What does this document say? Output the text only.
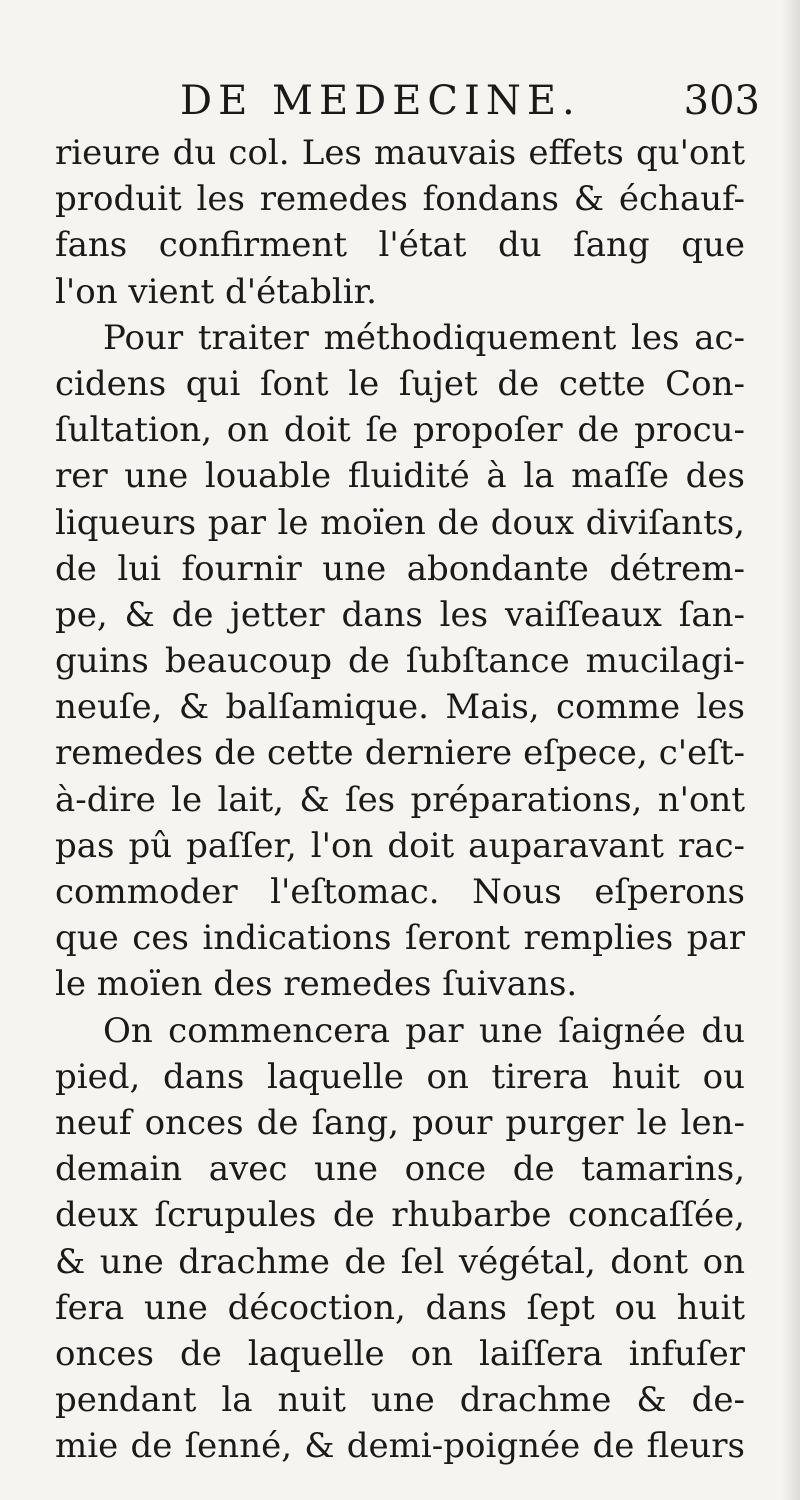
DE MEDECINE.	303
rieure du col. Les mauvais effets qu'ont
produit les remedes fondans & échauf-
fans confirment l'état du ſang que
l'on vient d'établir.
Pour traiter méthodiquement les ac-
cidens qui ſont le ſujet de cette Con-
ſultation, on doit ſe propoſer de procu-
rer une louable fluidité à la maſſe des
liqueurs par le moïen de doux diviſants,
de lui fournir une abondante détrem-
pe, & de jetter dans les vaiſſeaux ſan-
guins beaucoup de ſubſtance mucilagi-
neuſe, & balſamique. Mais, comme les
remedes de cette derniere eſpece, c'eſt-
à-dire le lait, & ſes préparations, n'ont
pas pû paſſer, l'on doit auparavant rac-
commoder l'eſtomac. Nous eſperons
que ces indications ſeront remplies par
le moïen des remedes ſuivans.
On commencera par une ſaignée du
pied, dans laquelle on tirera huit ou
neuf onces de ſang, pour purger le len-
demain avec une once de tamarins,
deux ſcrupules de rhubarbe concaſſée,
& une drachme de ſel végétal, dont on
fera une décoction, dans ſept ou huit
onces de laquelle on laiſſera infuſer
pendant la nuit une drachme & de-
mie de ſenné, & demi-poignée de fleurs
